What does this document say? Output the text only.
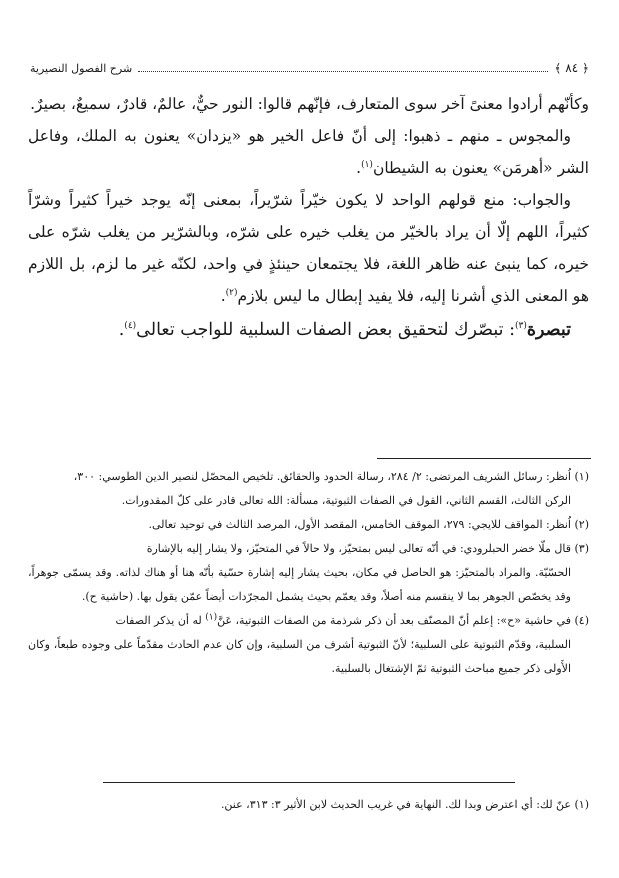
﴿ ٨٤ ﴾
شرح الفصول النصيرية

وكأنّهم أرادوا معنىً آخر سوى المتعارف، فإنّهم قالوا: النور حيٌّ، عالمٌ، قادرٌ، سميعٌ، بصيرٌ.

والمجوس ـ منهم ـ ذهبوا: إلى أنّ فاعل الخير هو «يزدان» يعنون به الملك، وفاعل الشر «أهرمَن» يعنون به الشيطان$^{(١)}$.

والجواب: منع قولهم الواحد لا يكون خيّراً شرّيراً، بمعنى إنّه يوجد خيراً كثيراً وشرّاً كثيراً، اللهم إلّا أن يراد بالخيّر من يغلب خيره على شرّه، وبالشرّير من يغلب شرّه على خيره، كما ينبئ عنه ظاهر اللغة، فلا يجتمعان حينئذٍ في واحد، لكنّه غير ما لزم، بل اللازم هو المعنى الذي أشرنا إليه، فلا يفيد إبطال ما ليس بلازم$^{(٢)}$.

تبصرة$^{(٣)}$: تبصّرك لتحقيق بعض الصفات السلبية للواجب تعالى$^{(٤)}$.

(١) اُنظر: رسائل الشريف المرتضى: ٢/ ٢٨٤، رسالة الحدود والحقائق. تلخيص المحصّل لنصير الدين الطوسي: ٣٠٠،
الركن الثالث، القسم الثاني، القول في الصفات الثبوتية، مسألة: الله تعالى قادر على كلّ المقدورات.

(٢) اُنظر: المواقف للايجي: ٢٧٩، الموقف الخامس، المقصد الأول، المرصد الثالث في توحيد تعالى.

(٣) قال ملّا خضر الحبلرودي: في أنّه تعالى ليس بمتحيّز، ولا حالاً في المتحيّز، ولا يشار إليه بالإشارة
الحسّيّة. والمراد بالمتحيّز: هو الحاصل في مكان، بحيث يشار إليه إشارة حسّية بأنّه هنا أو هناك لذاته. وقد يسمّى جوهراً، وقد يخصّص الجوهر بما لا ينقسم منه أصلاً، وقد يعمّم بحيث يشمل المجرّدات أيضاً عمّن يقول بها. (حاشية ح).

(٤) في حاشية «ح»: إعلم أنّ المصنّف بعد أن ذكر شرذمة من الصفات الثبوتية، عَنَّ$^{(١)}$ له أن يذكر الصفات
السلبية، وقدّم الثبوتية على السلبية؛ لأنّ الثبوتية أشرف من السلبية، وإن كان عدم الحادث مقدّماً على وجوده طبعاً، وكان الأَولى ذكر جميع مباحث الثبوتية ثمّ الإشتغال بالسلبية.

(١) عنّ لك: أي اعترض وبدا لك. النهاية في غريب الحديث لابن الأثير ٣: ٣١٣، عنن.
